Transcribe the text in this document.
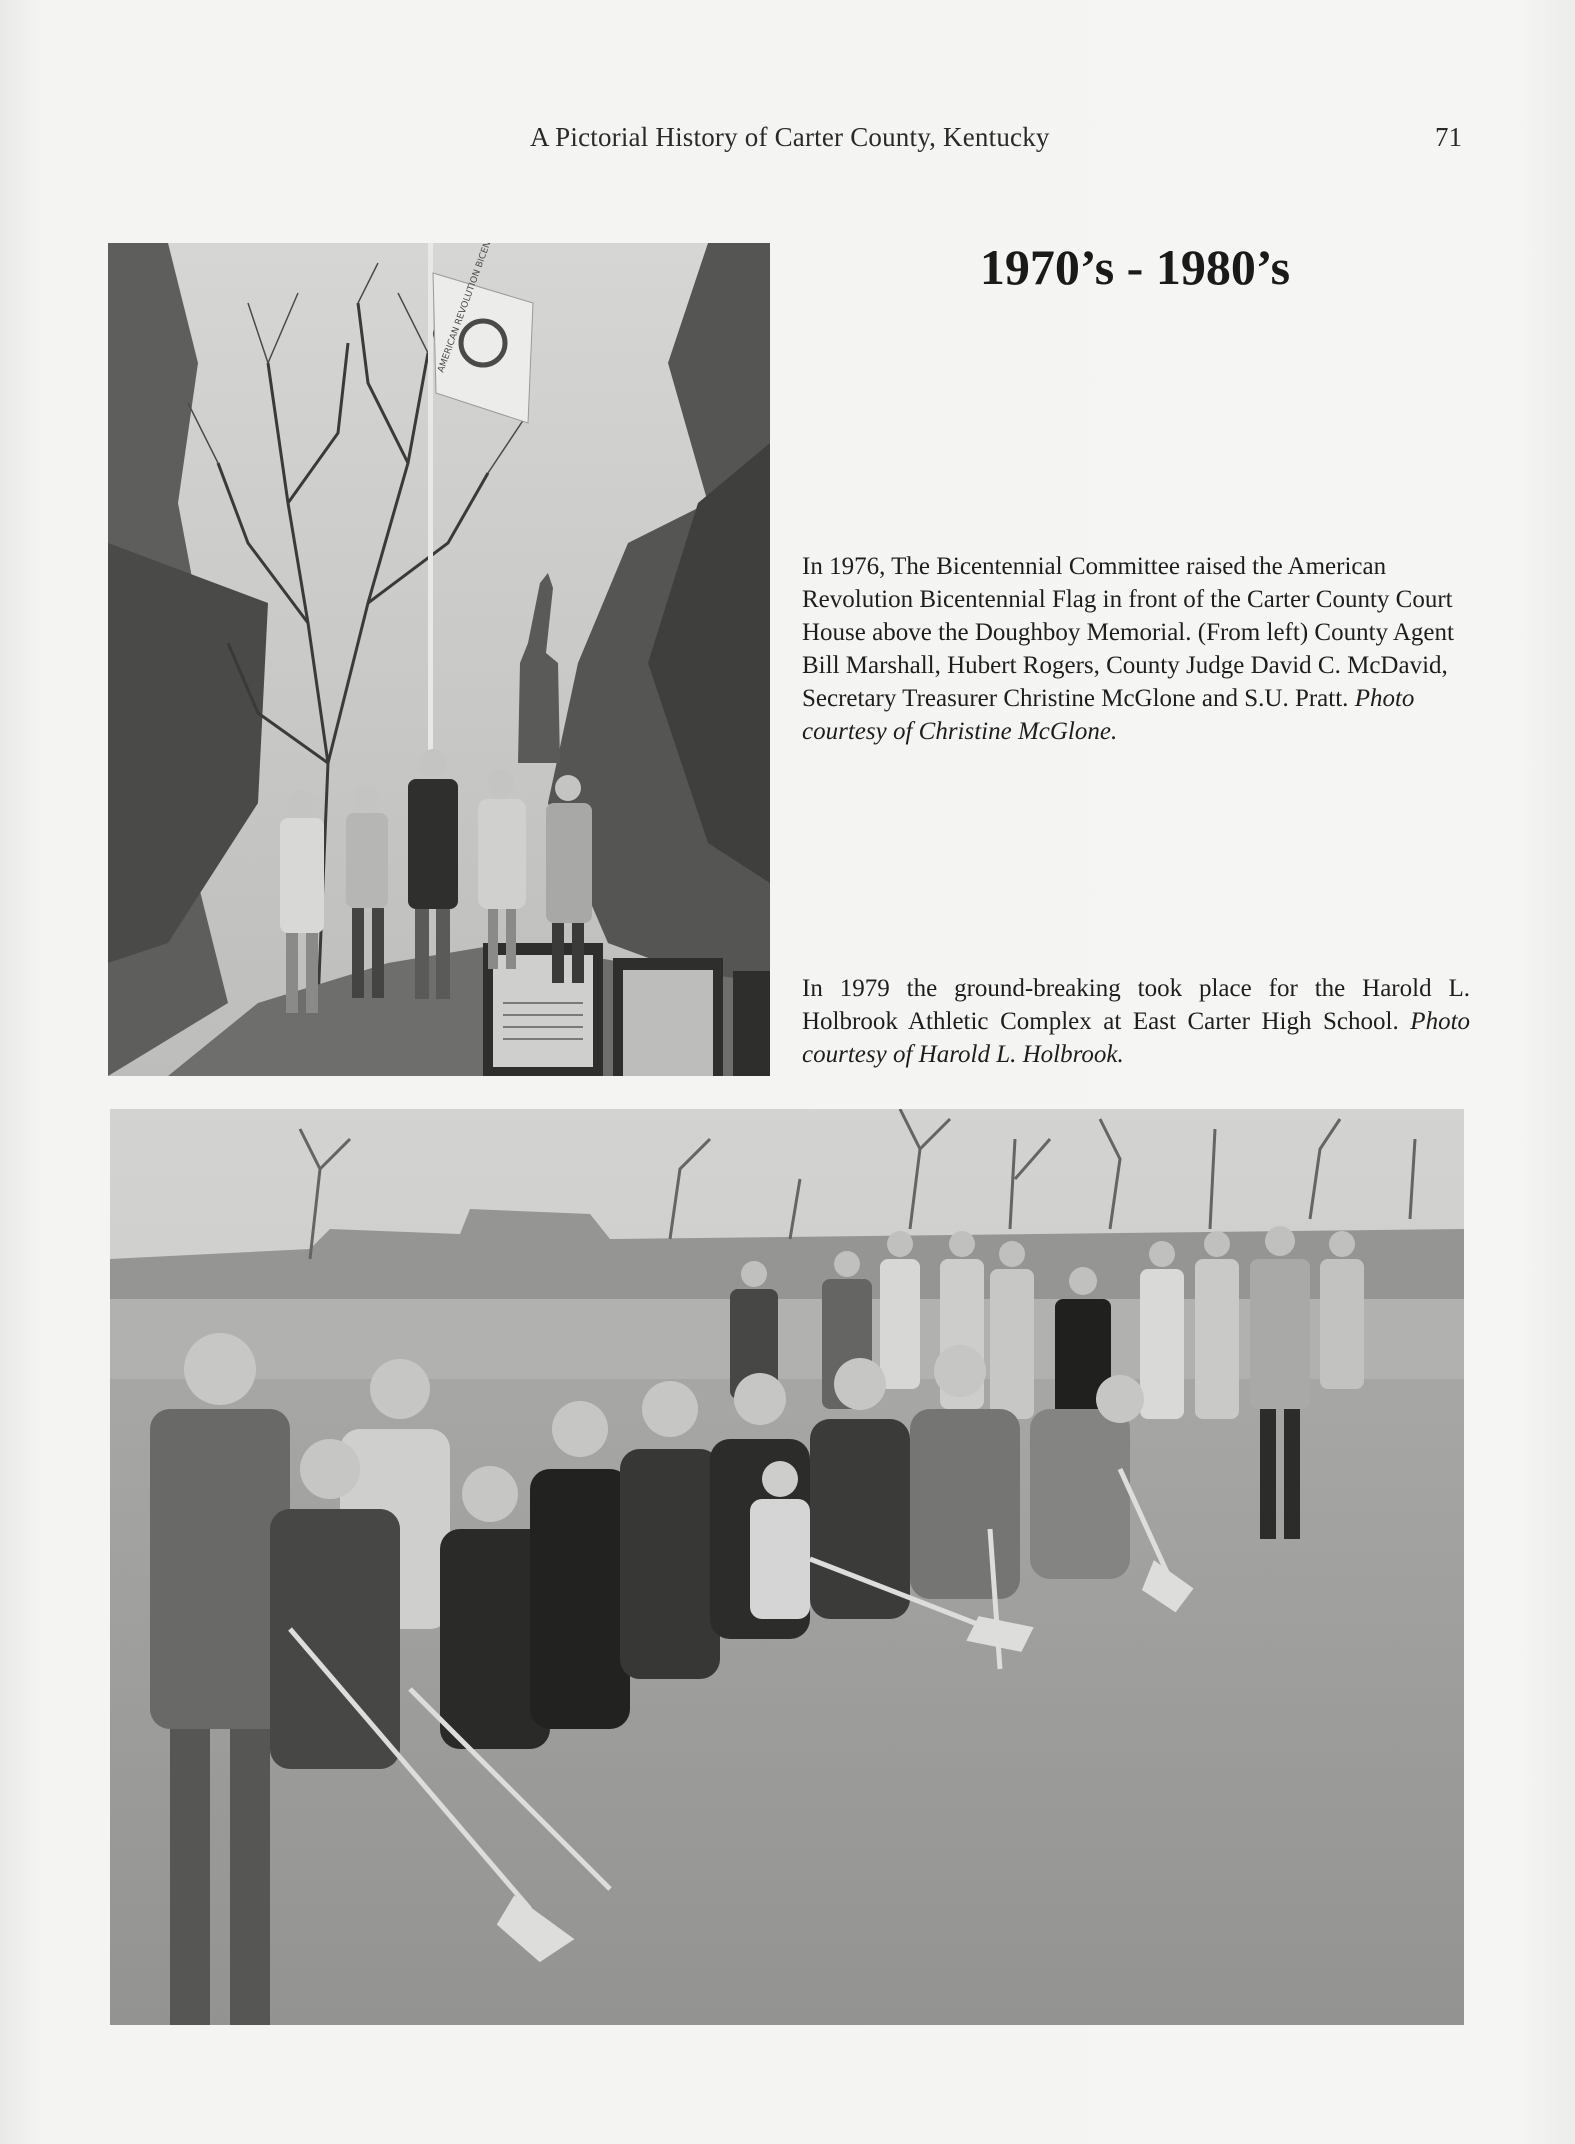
A Pictorial History of Carter County, Kentucky	71
1970’s - 1980’s

In 1976, The Bicentennial Committee raised the American Revolution Bicentennial Flag in front of the Carter County Court House above the Doughboy Memorial. (From left) County Agent Bill Marshall, Hubert Rogers, County Judge David C. McDavid, Secretary Treasurer Christine McGlone and S.U. Pratt. Photo courtesy of Christine McGlone.

In 1979 the ground-breaking took place for the Harold L. Holbrook Athletic Complex at East Carter High School. Photo courtesy of Harold L. Holbrook.
